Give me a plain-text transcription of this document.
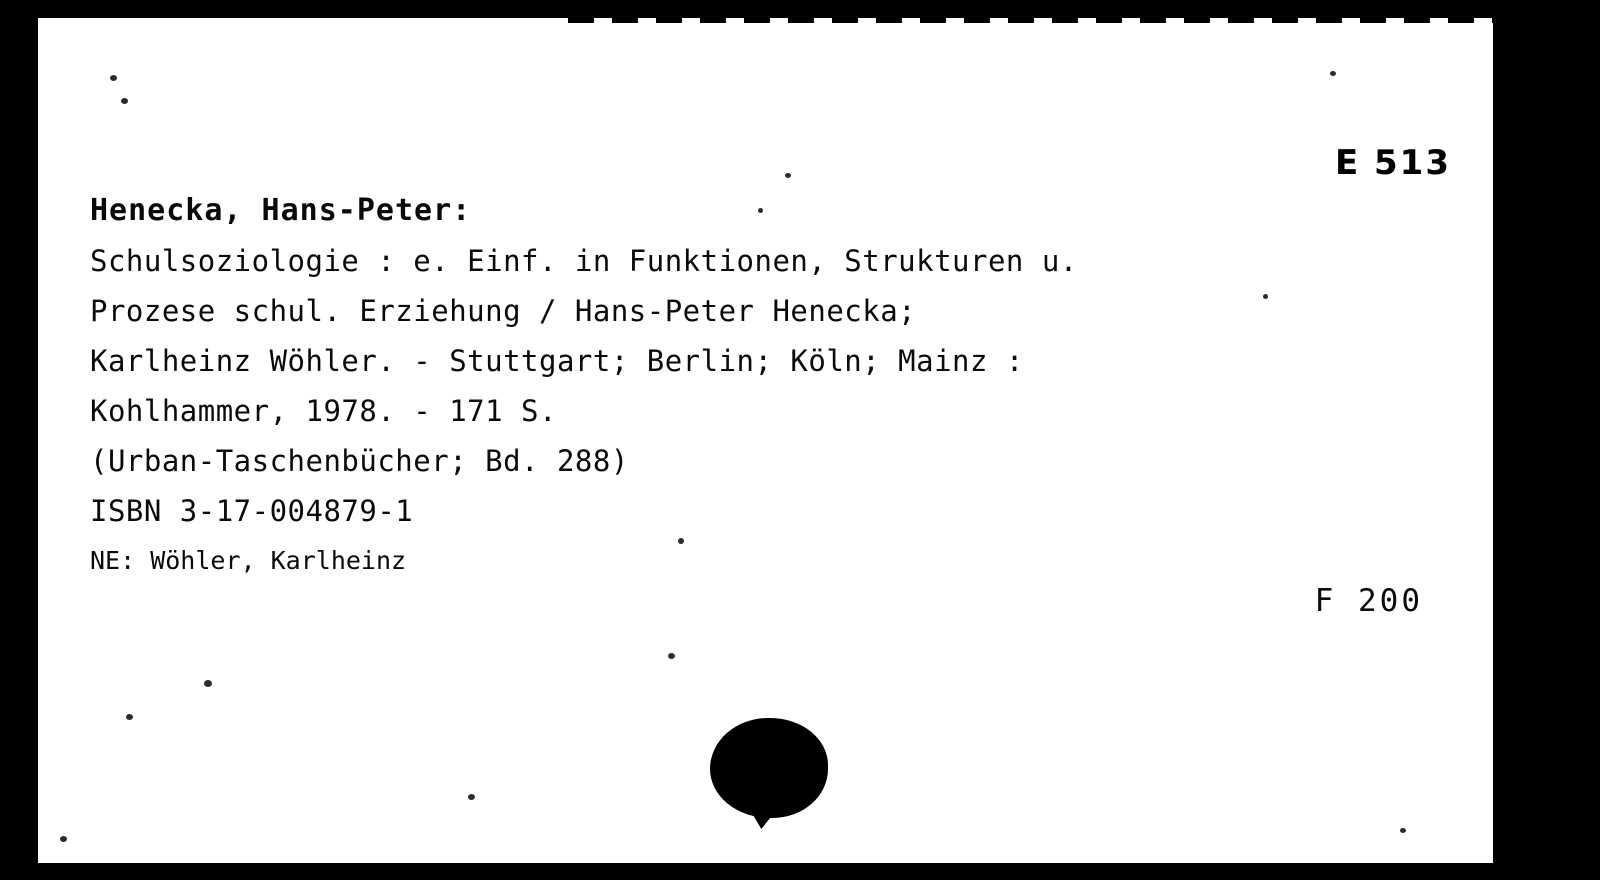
E 513
Henecka, Hans-Peter:
Schulsoziologie : e. Einf. in Funktionen, Strukturen u.
Prozese schul. Erziehung / Hans-Peter Henecka;
Karlheinz Wöhler. - Stuttgart; Berlin; Köln; Mainz :
Kohlhammer, 1978. - 171 S.
(Urban-Taschenbücher; Bd. 288)
ISBN 3-17-004879-1
NE: Wöhler, Karlheinz
F 200
